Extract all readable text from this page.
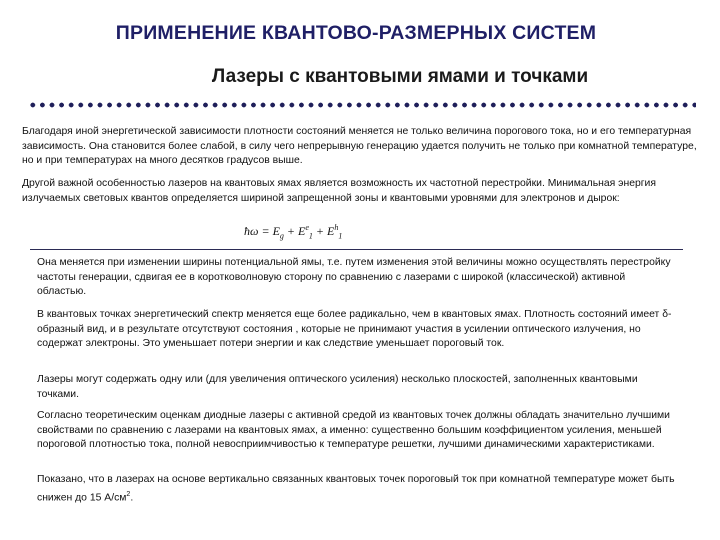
ПРИМЕНЕНИЕ КВАНТОВО-РАЗМЕРНЫХ СИСТЕМ
Лазеры с квантовыми ямами и точками
Благодаря иной энергетической зависимости плотности состояний меняется не только величина порогового тока, но и его температурная зависимость. Она становится более слабой, в силу чего непрерывную генерацию удается получить не только при комнатной температуре, но и при температурах на много десятков градусов выше.
Другой важной особенностью лазеров на квантовых ямах является возможность их частотной перестройки. Минимальная энергия излучаемых световых квантов определяется шириной запрещенной зоны и квантовыми уровнями для электронов и дырок:
ħω = $E_g + E^e_1 + E^h_1$
Она меняется при изменении ширины потенциальной ямы, т.е. путем изменения этой величины можно осуществлять перестройку частоты генерации, сдвигая ее в коротковолновую сторону по сравнению с лазерами с широкой (классической) активной областью.
В квантовых точках энергетический спектр меняется еще более радикально, чем в квантовых ямах. Плотность состояний имеет δ-образный вид, и в результате отсутствуют состояния , которые не принимают участия в усилении оптического излучения, но содержат электроны. Это уменьшает потери энергии и как следствие уменьшает пороговый ток.
Лазеры могут содержать одну или (для увеличения оптического усиления) несколько плоскостей, заполненных квантовыми точками.
Согласно теоретическим оценкам диодные лазеры с активной средой из квантовых точек должны обладать значительно лучшими свойствами по сравнению с лазерами на квантовых ямах, а именно: существенно большим коэффициентом усиления, меньшей пороговой плотностью тока, полной невосприимчивостью к температуре решетки, лучшими динамическими характеристиками.
Показано, что в лазерах на основе вертикально связанных квантовых точек пороговый ток при комнатной температуре может быть снижен до 15 $А/см^2$.
